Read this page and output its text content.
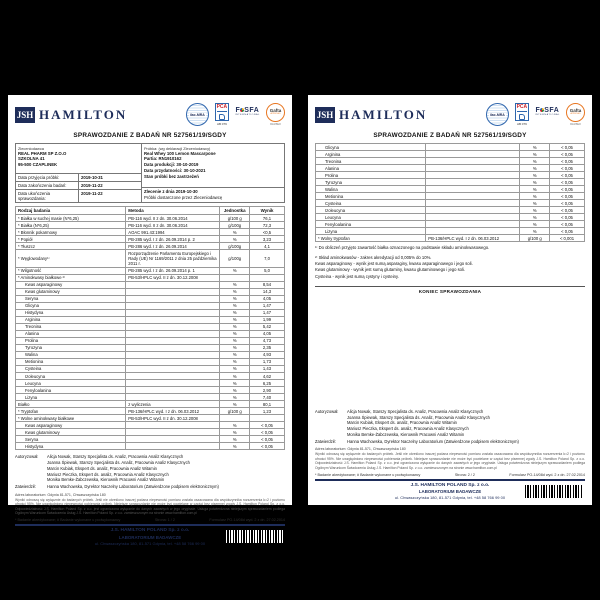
JSH HAMILTON	ilac-MRA
PCA
AB 079
F SFA
INTERNATIONAL
Gafta
APPROVED
MEMBER
SPRAWOZDANIE Z BADAŃ NR 527561/19/SGDY
Zleceniodawca
REAL PHARM SP Z.O.O
SZKOLNA 41
95-500 CZAPLINEK
Data przyjęcia próbki:	2019-10-31
Data zakończenia badań:	2019-11-22
Data ukończenia sprawozdania:
2019-11-22
Próbka: (wg deklaracji Zleceniodawcy)
Real Whey 100 Lemon Mascarpone
Partia: RN1910162
Data produkcji: 30-10-2019
Data przydatności: 30-10-2021
Stan próbki bez zastrzeżeń
Zlecenie z dnia 2019-10-30
Próbki dostarczone przez Zleceniodawcę
Rodzaj badania	Metoda	Jednostka	Wynik
* Białka w suchej masie (N*6,25)	PB-116 wyd. II z dn. 30.06.2014	g/100 g	76,1
* Białka (N*6,25)	PB-116 wyd. II z dn. 30.06.2014	g/100g	72,3
* Błonnik pokarmowy	AOAC 991.43:1994	%	<0,5
* Popiół	PB-285 wyd. I z dn. 26.09.2014 p. 2	%	3,23
* Tłuszcz	PB-286 wyd. I z dn. 26.09.2014	g/100g	4,1
* Węglowodany¹⁾	Rozporządzenie Parlamentu Europejskiego i Rady (UE) Nr 1169/2011 z dnia 25 października 2011 r.	g/100g	7,0
* Wilgotność	PB-285 wyd. I z dn. 26.09.2014 p. 1	%	5,0
* Aminokwasy białkowe ²⁾	PB-53/HPLC wyd. II z dn. 30.12.2008		
Kwas asparaginowy		%	8,54
Kwas glutaminowy		%	14,3
Seryna		%	4,05
Glicyna		%	1,47
Histydyna		%	1,47
Arginina		%	1,99
Treonina		%	5,42
Alanina		%	4,05
Prolina		%	4,73
Tyrozyna		%	2,35
Walina		%	4,93
Metionina		%	1,73
Cysteina		%	1,43
Izoleucyna		%	4,62
Leucyna		%	6,25
Fenyloalanina		%	2,90
Lizyna		%	7,40
Białko	z wyliczenia	%	80,1
* Tryptofan	PB-136/HPLC wyd. I z dn. 06.03.2012	g/100 g	1,23
* Wolne aminokwasy białkowe	PB-53/HPLC wyd. II z dn. 30.12.2008		
Kwas asparaginowy		%	< 0,05
Kwas glutaminowy		%	< 0,05
Seryna		%	< 0,05
Histydyna		%	< 0,05
Autoryzował:	Alicja Nowak, Starszy Specjalista ds. Analiz, Pracownia Analiz Klasycznych
Joanna Śpiewak, Starszy Specjalista ds. Analiz, Pracownia Analiz Klasycznych
Marcin Kubiak, Ekspert ds. analiz, Pracownia Analiz Witamin
Mariusz Pieczka, Ekspert ds. analiz, Pracownia Analiz Klasycznych
Monika Bemke-Żabczewska, Kierownik Pracowni Analiz Witamin
Zatwierdził:	Hanna Wachowska, Dyrektor Naczelny Laboratorium (Zatwierdzone podpisem elektronicznym)
Adres laboratorium: Gdynia 81-571, Chwaszczyńska 180
Wyniki odnoszą się wyłącznie do badanych próbek. Jeśli nie określono inaczej podana niepewność pomiaru została oszacowana dla współczynnika rozszerzenia k=2 i poziomu ufności 95%. Nie uwzględniono niepewności pobierania próbek. Niniejsze sprawozdanie nie może być powielane w części bez pisemnej zgody J.S. Hamilton Poland Sp. z o.o. Odpowiedzialność J.S. Hamilton Poland Sp. z o.o. jest ograniczona wyłącznie do danych zawartych w jego oryginale. Usługa potwierdzona niniejszym sprawozdaniem podlega Ogólnym Warunkom Świadczenia Usług J.S. Hamilton Poland Sp. z o.o. zamieszczonym na stronie www.hamilton.com.pl
* Badanie akredytowane; # Badanie wykonane u podwykonawcy	Strona: 1 / 2	Formularz PO-14/08d wyd. 2 z dn. 27.02.2014
J.S. HAMILTON POLAND Sp. z o.o.
LABORATORIUM BADAWCZE
ul. Chwaszczyńska 180, 81-571 Gdynia, tel. +48 58 766 99 00
JSH HAMILTON	ilac-MRA
PCA
AB 079
F SFA
INTERNATIONAL
Gafta
APPROVED
MEMBER
SPRAWOZDANIE Z BADAŃ NR 527561/19/SGDY
Glicyna		%	< 0,05
Arginina		%	< 0,05
Treonina		%	< 0,05
Alanina		%	< 0,05
Prolina		%	< 0,05
Tyrozyna		%	< 0,05
Walina		%	< 0,05
Metionina		%	< 0,05
Cysteina		%	< 0,05
Izoleucyna		%	< 0,05
Leucyna		%	< 0,05
Fenyloalanina		%	< 0,05
Lizyna		%	< 0,05
* Wolny tryptofan	PB-136/HPLC wyd. I z dn. 06.03.2012	g/100 g	< 0,001
¹⁾ Do obliczeń przyjęto zawartość białka oznaczonego na podstawie składu aminokwasowego.
²⁾ Skład aminokwasów - zakres akredytacji od 0,005% do 10%.
Kwas asparaginowy - wynik jest sumą asparaginy, kwasu asparaginowego i jego soli.
Kwas glutaminowy - wynik jest sumą glutaminy, kwasu glutaminowego i jego soli.
Cysteina - wynik jest sumą cystyny i cysteiny.
KONIEC SPRAWOZDANIA
Autoryzował:	Alicja Nowak, Starszy Specjalista ds. Analiz, Pracownia Analiz Klasycznych
Joanna Śpiewak, Starszy Specjalista ds. Analiz, Pracownia Analiz Klasycznych
Marcin Kubiak, Ekspert ds. analiz, Pracownia Analiz Witamin
Mariusz Pieczka, Ekspert ds. analiz, Pracownia Analiz Klasycznych
Monika Bemke-Żabczewska, Kierownik Pracowni Analiz Witamin
Zatwierdził:	Hanna Wachowska, Dyrektor Naczelny Laboratorium (Zatwierdzone podpisem elektronicznym)
Adres laboratorium: Gdynia 81-571, Chwaszczyńska 180
Wyniki odnoszą się wyłącznie do badanych próbek. Jeśli nie określono inaczej podana niepewność pomiaru została oszacowana dla współczynnika rozszerzenia k=2 i poziomu ufności 95%. Nie uwzględniono niepewności pobierania próbek. Niniejsze sprawozdanie nie może być powielane w części bez pisemnej zgody J.S. Hamilton Poland Sp. z o.o. Odpowiedzialność J.S. Hamilton Poland Sp. z o.o. jest ograniczona wyłącznie do danych zawartych w jego oryginale. Usługa potwierdzona niniejszym sprawozdaniem podlega Ogólnym Warunkom Świadczenia Usług J.S. Hamilton Poland Sp. z o.o. zamieszczonym na stronie www.hamilton.com.pl
* Badanie akredytowane; # Badanie wykonane u podwykonawcy	Strona: 2 / 2	Formularz PO-14/08d wyd. 2 z dn. 27.02.2014
J.S. HAMILTON POLAND Sp. z o.o.
LABORATORIUM BADAWCZE
ul. Chwaszczyńska 180, 81-571 Gdynia, tel. +48 58 766 99 00
